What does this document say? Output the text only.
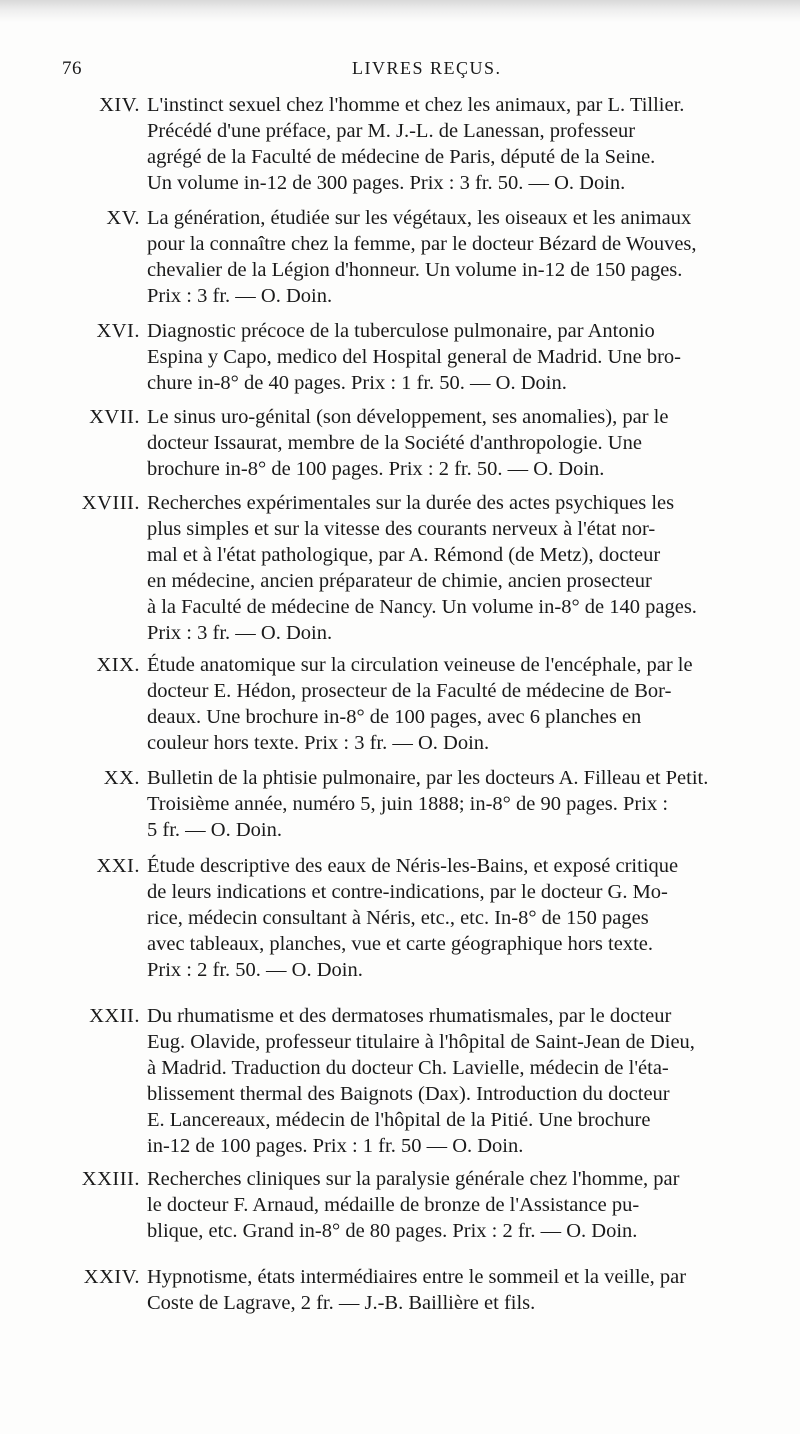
76	LIVRES REÇUS.
XIV. L'instinct sexuel chez l'homme et chez les animaux, par L. Tillier.
Précédé d'une préface, par M. J.-L. de Lanessan, professeur
agrégé de la Faculté de médecine de Paris, député de la Seine.
Un volume in-12 de 300 pages. Prix : 3 fr. 50. — O. Doin.
XV. La génération, étudiée sur les végétaux, les oiseaux et les animaux
pour la connaître chez la femme, par le docteur Bézard de Wouves,
chevalier de la Légion d'honneur. Un volume in-12 de 150 pages.
Prix : 3 fr. — O. Doin.
XVI. Diagnostic précoce de la tuberculose pulmonaire, par Antonio
Espina y Capo, medico del Hospital general de Madrid. Une bro-
chure in-8° de 40 pages. Prix : 1 fr. 50. — O. Doin.
XVII. Le sinus uro-génital (son développement, ses anomalies), par le
docteur Issaurat, membre de la Société d'anthropologie. Une
brochure in-8° de 100 pages. Prix : 2 fr. 50. — O. Doin.
XVIII. Recherches expérimentales sur la durée des actes psychiques les
plus simples et sur la vitesse des courants nerveux à l'état nor-
mal et à l'état pathologique, par A. Rémond (de Metz), docteur
en médecine, ancien préparateur de chimie, ancien prosecteur
à la Faculté de médecine de Nancy. Un volume in-8° de 140 pages.
Prix : 3 fr. — O. Doin.
XIX. Étude anatomique sur la circulation veineuse de l'encéphale, par le
docteur E. Hédon, prosecteur de la Faculté de médecine de Bor-
deaux. Une brochure in-8° de 100 pages, avec 6 planches en
couleur hors texte. Prix : 3 fr. — O. Doin.
XX. Bulletin de la phtisie pulmonaire, par les docteurs A. Filleau et Petit.
Troisième année, numéro 5, juin 1888; in-8° de 90 pages. Prix :
5 fr. — O. Doin.
XXI. Étude descriptive des eaux de Néris-les-Bains, et exposé critique
de leurs indications et contre-indications, par le docteur G. Mo-
rice, médecin consultant à Néris, etc., etc. In-8° de 150 pages
avec tableaux, planches, vue et carte géographique hors texte.
Prix : 2 fr. 50. — O. Doin.
XXII. Du rhumatisme et des dermatoses rhumatismales, par le docteur
Eug. Olavide, professeur titulaire à l'hôpital de Saint-Jean de Dieu,
à Madrid. Traduction du docteur Ch. Lavielle, médecin de l'éta-
blissement thermal des Baignots (Dax). Introduction du docteur
E. Lancereaux, médecin de l'hôpital de la Pitié. Une brochure
in-12 de 100 pages. Prix : 1 fr. 50 — O. Doin.
XXIII. Recherches cliniques sur la paralysie générale chez l'homme, par
le docteur F. Arnaud, médaille de bronze de l'Assistance pu-
blique, etc. Grand in-8° de 80 pages. Prix : 2 fr. — O. Doin.
XXIV. Hypnotisme, états intermédiaires entre le sommeil et la veille, par
Coste de Lagrave, 2 fr. — J.-B. Baillière et fils.
